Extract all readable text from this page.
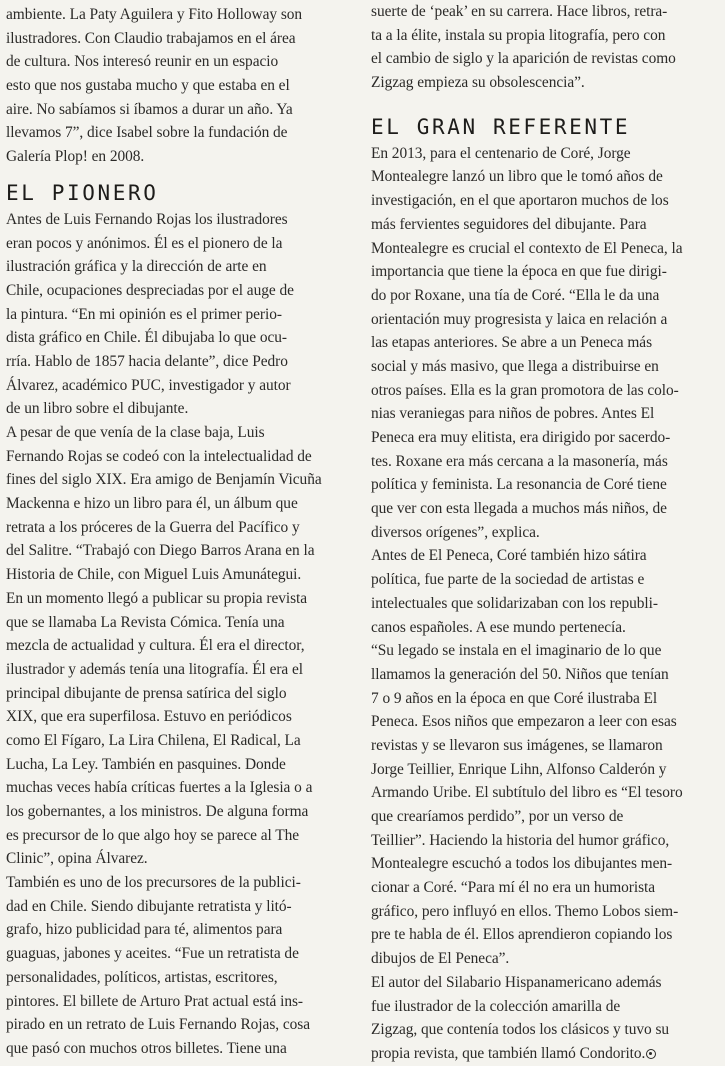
ambiente. La Paty Aguilera y Fito Holloway son
ilustradores. Con Claudio trabajamos en el área
de cultura. Nos interesó reunir en un espacio
esto que nos gustaba mucho y que estaba en el
aire. No sabíamos si íbamos a durar un año. Ya
llevamos 7”, dice Isabel sobre la fundación de
Galería Plop! en 2008.
EL PIONERO
Antes de Luis Fernando Rojas los ilustradores
eran pocos y anónimos. Él es el pionero de la
ilustración gráfica y la dirección de arte en
Chile, ocupaciones despreciadas por el auge de
la pintura. “En mi opinión es el primer perio-
dista gráfico en Chile. Él dibujaba lo que ocu-
rría. Hablo de 1857 hacia delante”, dice Pedro
Álvarez, académico PUC, investigador y autor
de un libro sobre el dibujante.
A pesar de que venía de la clase baja, Luis
Fernando Rojas se codeó con la intelectualidad de
fines del siglo XIX. Era amigo de Benjamín Vicuña
Mackenna e hizo un libro para él, un álbum que
retrata a los próceres de la Guerra del Pacífico y
del Salitre. “Trabajó con Diego Barros Arana en la
Historia de Chile, con Miguel Luis Amunátegui.
En un momento llegó a publicar su propia revista
que se llamaba La Revista Cómica. Tenía una
mezcla de actualidad y cultura. Él era el director,
ilustrador y además tenía una litografía. Él era el
principal dibujante de prensa satírica del siglo
XIX, que era superfilosa. Estuvo en periódicos
como El Fígaro, La Lira Chilena, El Radical, La
Lucha, La Ley. También en pasquines. Donde
muchas veces había críticas fuertes a la Iglesia o a
los gobernantes, a los ministros. De alguna forma
es precursor de lo que algo hoy se parece al The
Clinic”, opina Álvarez.
También es uno de los precursores de la publici-
dad en Chile. Siendo dibujante retratista y litó-
grafo, hizo publicidad para té, alimentos para
guaguas, jabones y aceites. “Fue un retratista de
personalidades, políticos, artistas, escritores,
pintores. El billete de Arturo Prat actual está ins-
pirado en un retrato de Luis Fernando Rojas, cosa
que pasó con muchos otros billetes. Tiene una
suerte de ‘peak’ en su carrera. Hace libros, retra-
ta a la élite, instala su propia litografía, pero con
el cambio de siglo y la aparición de revistas como
Zigzag empieza su obsolescencia”.
EL GRAN REFERENTE
En 2013, para el centenario de Coré, Jorge
Montealegre lanzó un libro que le tomó años de
investigación, en el que aportaron muchos de los
más fervientes seguidores del dibujante. Para
Montealegre es crucial el contexto de El Peneca, la
importancia que tiene la época en que fue dirigi-
do por Roxane, una tía de Coré. “Ella le da una
orientación muy progresista y laica en relación a
las etapas anteriores. Se abre a un Peneca más
social y más masivo, que llega a distribuirse en
otros países. Ella es la gran promotora de las colo-
nias veraniegas para niños de pobres. Antes El
Peneca era muy elitista, era dirigido por sacerdo-
tes. Roxane era más cercana a la masonería, más
política y feminista. La resonancia de Coré tiene
que ver con esta llegada a muchos más niños, de
diversos orígenes”, explica.
Antes de El Peneca, Coré también hizo sátira
política, fue parte de la sociedad de artistas e
intelectuales que solidarizaban con los republi-
canos españoles. A ese mundo pertenecía.
“Su legado se instala en el imaginario de lo que
llamamos la generación del 50. Niños que tenían
7 o 9 años en la época en que Coré ilustraba El
Peneca. Esos niños que empezaron a leer con esas
revistas y se llevaron sus imágenes, se llamaron
Jorge Teillier, Enrique Lihn, Alfonso Calderón y
Armando Uribe. El subtítulo del libro es “El tesoro
que crearíamos perdido”, por un verso de
Teillier”. Haciendo la historia del humor gráfico,
Montealegre escuchó a todos los dibujantes men-
cionar a Coré. “Para mí él no era un humorista
gráfico, pero influyó en ellos. Themo Lobos siem-
pre te habla de él. Ellos aprendieron copiando los
dibujos de El Peneca”.
El autor del Silabario Hispanamericano además
fue ilustrador de la colección amarilla de
Zigzag, que contenía todos los clásicos y tuvo su
propia revista, que también llamó Condorito.
